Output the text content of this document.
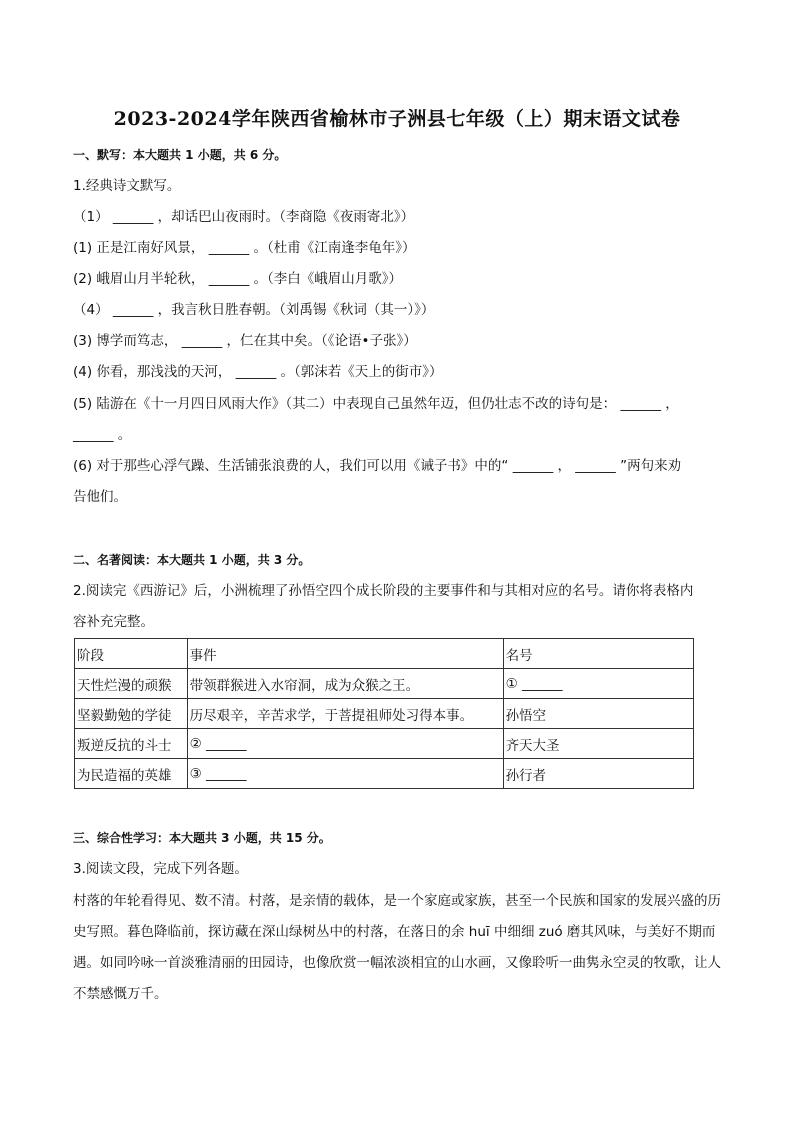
2023-2024学年陕西省榆林市子洲县七年级（上）期末语文试卷
一、默写：本大题共 1 小题，共 6 分。
1.经典诗文默写。
（1） ______ ，却话巴山夜雨时。（李商隐《夜雨寄北》）
(1) 正是江南好风景， ______ 。（杜甫《江南逢李龟年》）
(2) 峨眉山月半轮秋， ______ 。（李白《峨眉山月歌》）
（4） ______ ，我言秋日胜春朝。（刘禹锡《秋词（其一）》）
(3) 博学而笃志， ______ ，仁在其中矣。（《论语•子张》）
(4) 你看，那浅浅的天河， ______ 。（郭沫若《天上的街市》）
(5) 陆游在《十一月四日风雨大作》（其二）中表现自己虽然年迈，但仍壮志不改的诗句是： ______ ，
______ 。
(6) 对于那些心浮气躁、生活铺张浪费的人，我们可以用《诫子书》中的“ ______ ， ______ ”两句来劝
告他们。
二、名著阅读：本大题共 1 小题，共 3 分。
2.阅读完《西游记》后，小洲梳理了孙悟空四个成长阶段的主要事件和与其相对应的名号。请你将表格内
容补充完整。
阶段	事件	名号
天性烂漫的顽猴	带领群猴进入水帘洞，成为众猴之王。	① ______
坚毅勤勉的学徒	历尽艰辛，辛苦求学，于菩提祖师处习得本事。	孙悟空
叛逆反抗的斗士	② ______	齐天大圣
为民造福的英雄	③ ______	孙行者
三、综合性学习：本大题共 3 小题，共 15 分。
3.阅读文段，完成下列各题。
村落的年轮看得见、数不清。村落，是亲情的载体，是一个家庭或家族，甚至一个民族和国家的发展兴盛的历史写照。暮色降临前，探访藏在深山绿树丛中的村落，在落日的余 huī 中细细 zuó 磨其风味，与美好不期而遇。如同吟咏一首淡雅清丽的田园诗，也像欣赏一幅浓淡相宜的山水画，又像聆听一曲隽永空灵的牧歌，让人不禁感慨万千。
